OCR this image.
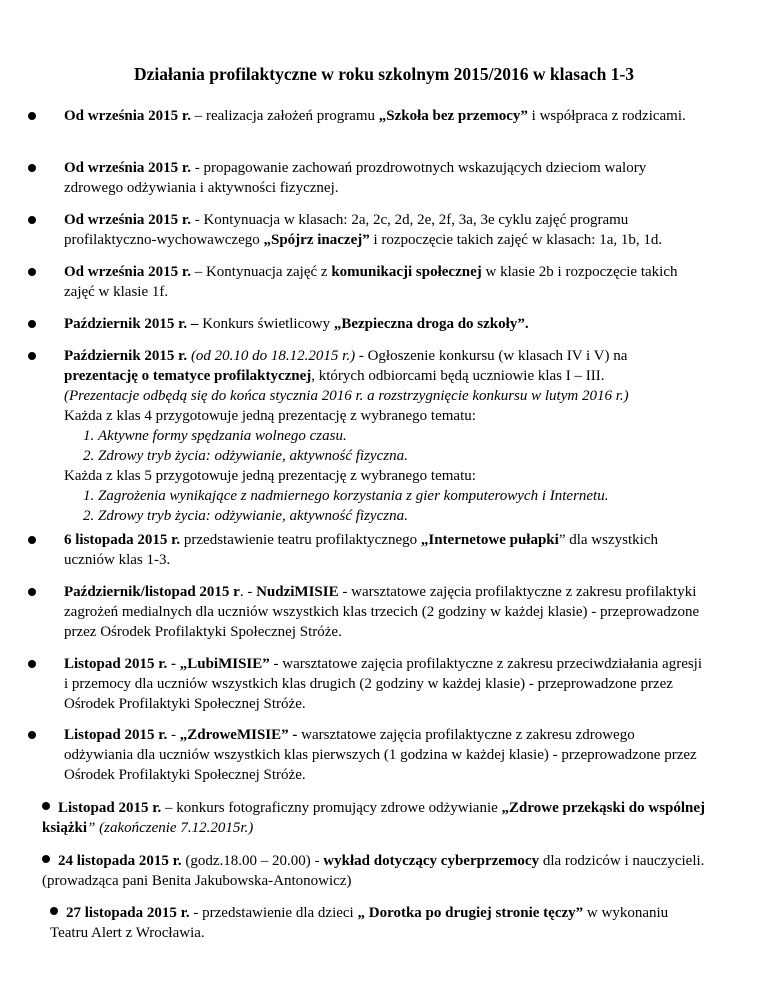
Działania profilaktyczne w roku szkolnym 2015/2016 w klasach 1-3
Od września 2015 r. – realizacja założeń programu „Szkoła bez przemocy” i współpraca z rodzicami.
Od września 2015 r. - propagowanie zachowań prozdrowotnych wskazujących dzieciom walory zdrowego odżywiania i aktywności fizycznej.
Od września 2015 r. - Kontynuacja w klasach: 2a, 2c, 2d, 2e, 2f, 3a, 3e cyklu zajęć programu profilaktyczno-wychowawczego „Spójrz inaczej” i rozpoczęcie takich zajęć w klasach: 1a, 1b, 1d.
Od września 2015 r. – Kontynuacja zajęć z komunikacji społecznej w klasie 2b i rozpoczęcie takich zajęć w klasie 1f.
Październik 2015 r. – Konkurs świetlicowy „Bezpieczna droga do szkoły”.
Październik 2015 r. (od 20.10 do 18.12.2015 r.) - Ogłoszenie konkursu (w klasach IV i V) na prezentację o tematyce profilaktycznej, których odbiorcami będą uczniowie klas I – III.
(Prezentacje odbędą się do końca stycznia 2016 r. a rozstrzygnięcie konkursu w lutym 2016 r.)
Każda z klas 4 przygotowuje jedną prezentację z wybranego tematu:
1. Aktywne formy spędzania wolnego czasu.
2. Zdrowy tryb życia: odżywianie, aktywność fizyczna.
Każda z klas 5 przygotowuje jedną prezentację z wybranego tematu:
1. Zagrożenia wynikające z nadmiernego korzystania z gier komputerowych i Internetu.
2. Zdrowy tryb życia: odżywianie, aktywność fizyczna.
6 listopada 2015 r. przedstawienie teatru profilaktycznego „Internetowe pułapki” dla wszystkich uczniów klas 1-3.
Październik/listopad 2015 r. - NudziMISIE - warsztatowe zajęcia profilaktyczne z zakresu profilaktyki zagrożeń medialnych dla uczniów wszystkich klas trzecich (2 godziny w każdej klasie) - przeprowadzone przez Ośrodek Profilaktyki Społecznej Stróże.
Listopad 2015 r. - „LubiMISIE” - warsztatowe zajęcia profilaktyczne z zakresu przeciwdziałania agresji i przemocy dla uczniów wszystkich klas drugich (2 godziny w każdej klasie) - przeprowadzone przez Ośrodek Profilaktyki Społecznej Stróże.
Listopad 2015 r. - „ZdroweMISIE” - warsztatowe zajęcia profilaktyczne z zakresu zdrowego odżywiania dla uczniów wszystkich klas pierwszych (1 godzina w każdej klasie) - przeprowadzone przez Ośrodek Profilaktyki Społecznej Stróże.
Listopad 2015 r. – konkurs fotograficzny promujący zdrowe odżywianie „Zdrowe przekąski do wspólnej książki” (zakończenie 7.12.2015r.)
24 listopada 2015 r. (godz.18.00 – 20.00) - wykład dotyczący cyberprzemocy dla rodziców i nauczycieli. (prowadząca pani Benita Jakubowska-Antonowicz)
27 listopada 2015 r. - przedstawienie dla dzieci „ Dorotka po drugiej stronie tęczy” w wykonaniu Teatru Alert z Wrocławia.
